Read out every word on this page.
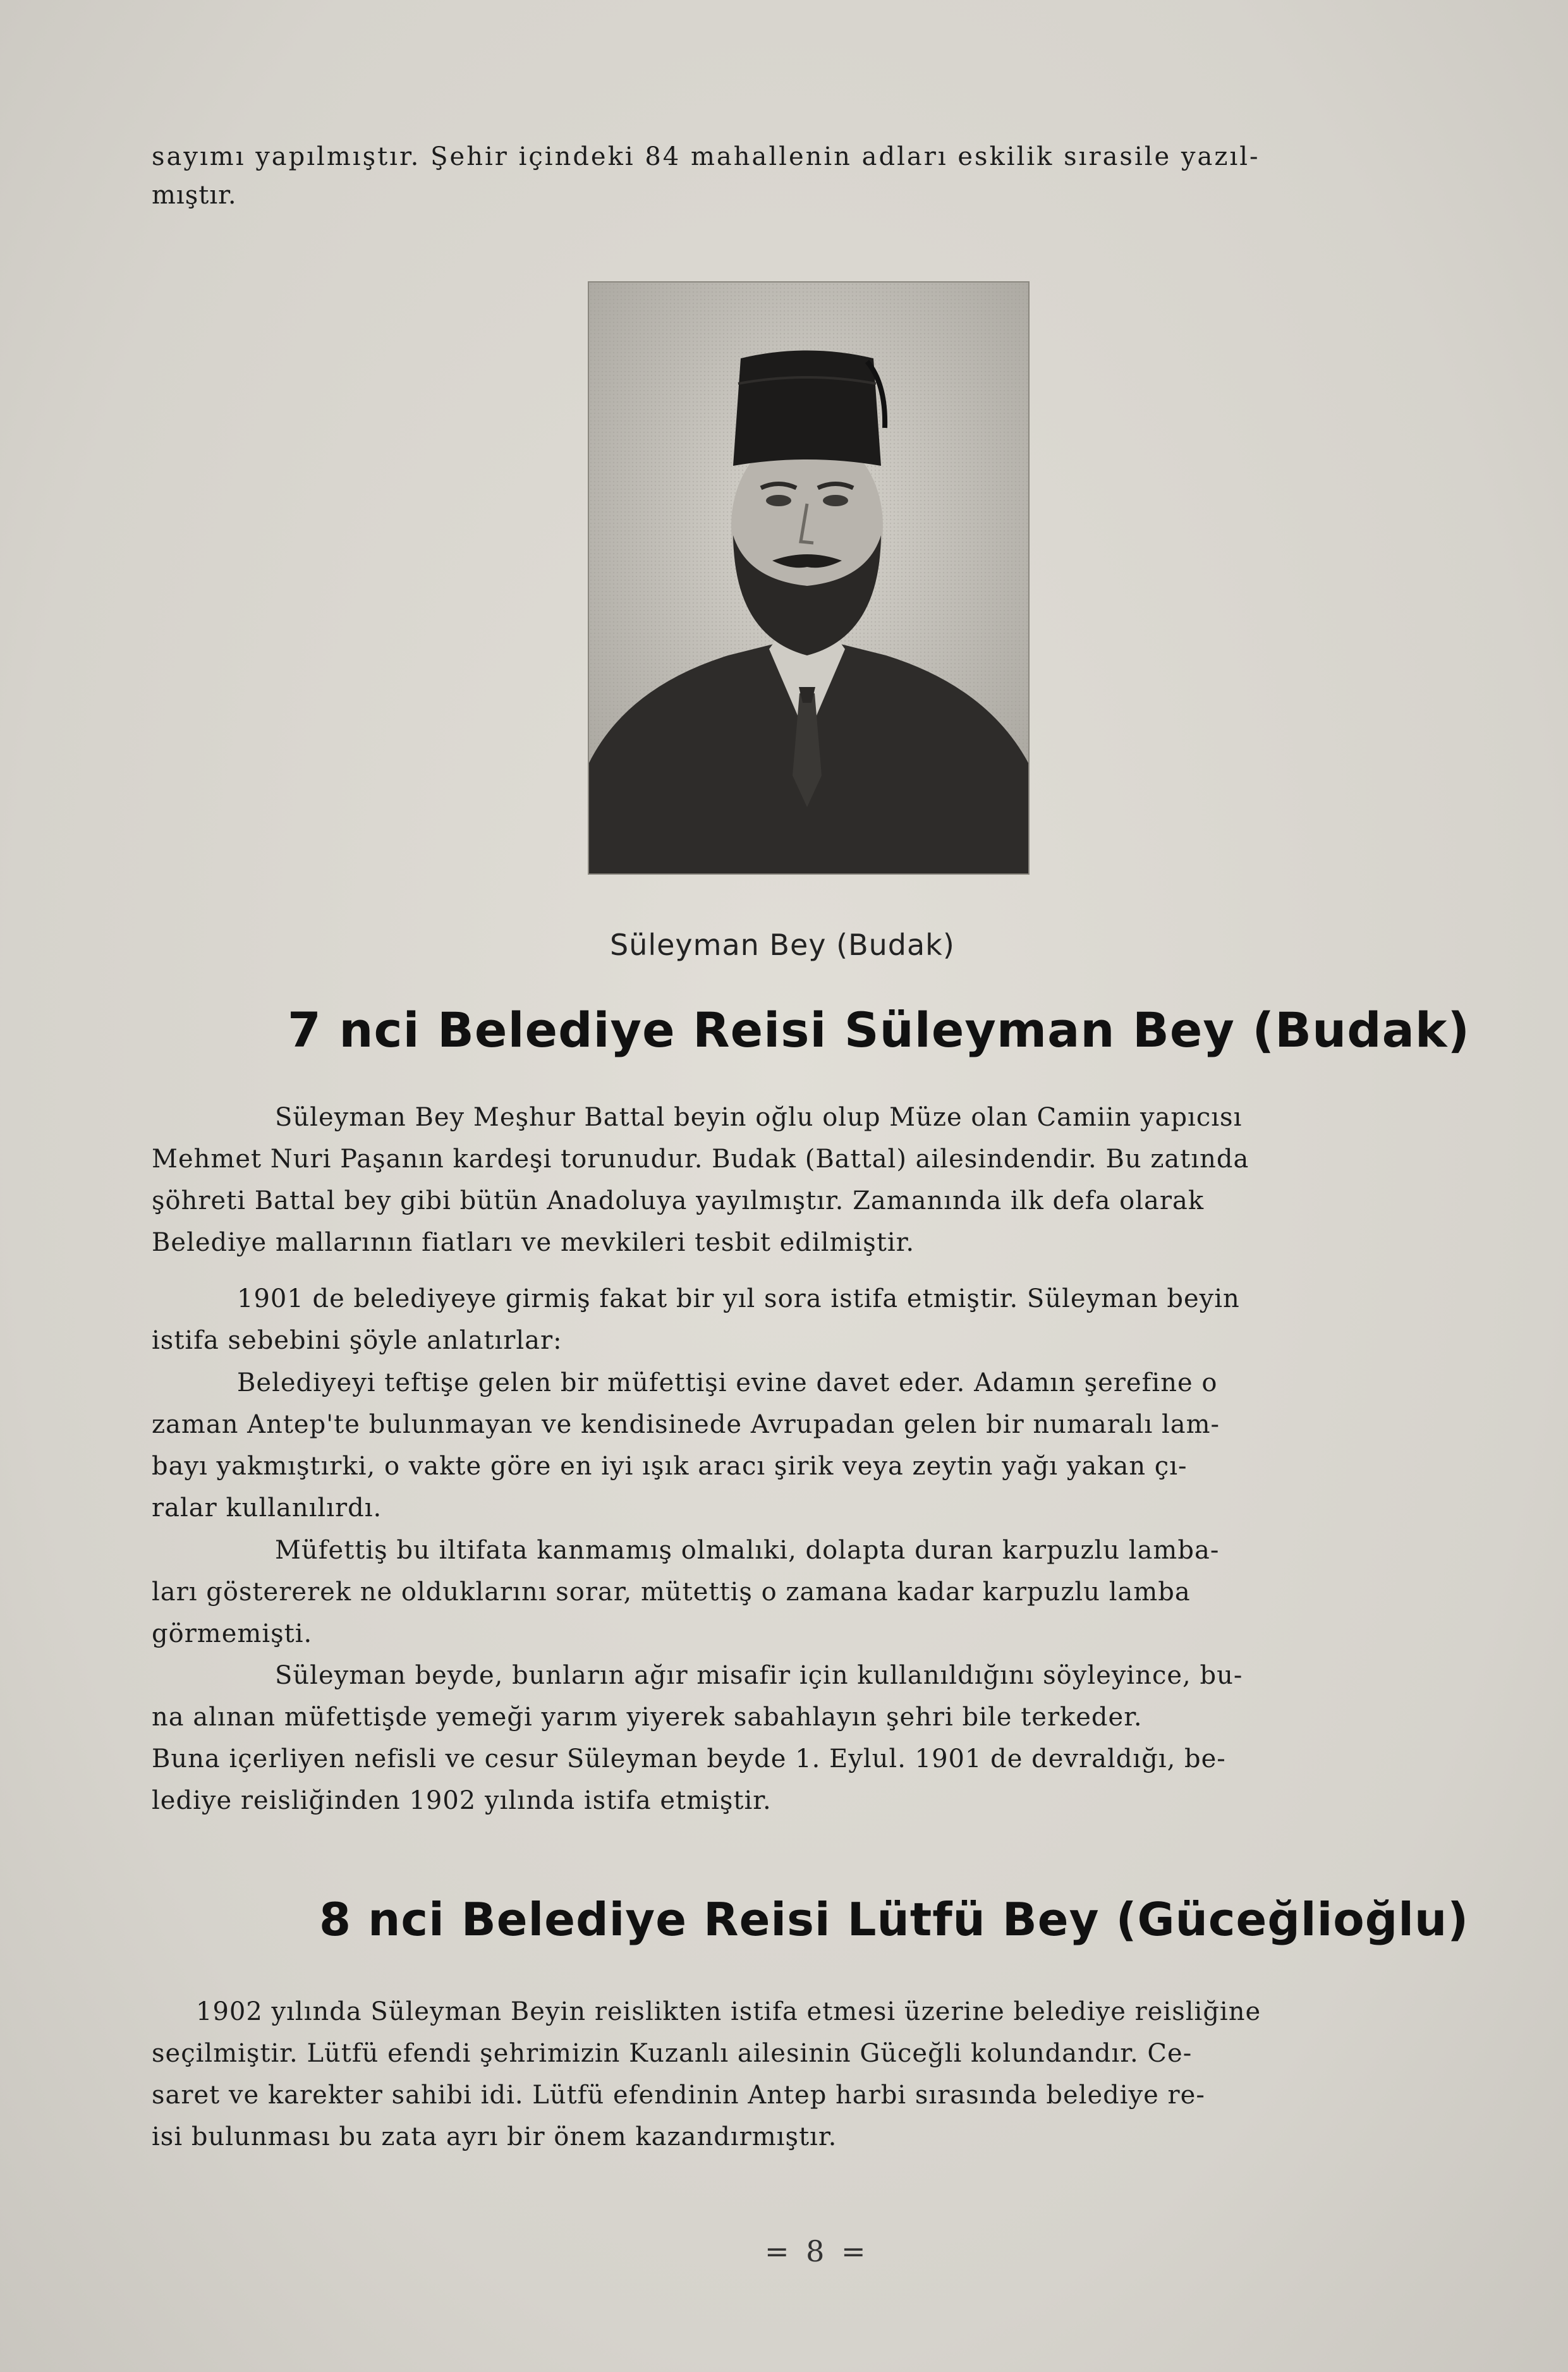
sayımı yapılmıştır. Şehir içindeki 84 mahallenin adları eskilik sırasile yazıl-
mıştır.
Süleyman Bey (Budak)
7 nci Belediye Reisi Süleyman Bey (Budak)
Süleyman Bey Meşhur Battal beyin oğlu olup Müze olan Camiin yapıcısı
Mehmet Nuri Paşanın kardeşi torunudur. Budak (Battal) ailesindendir. Bu zatında
şöhreti Battal bey gibi bütün Anadoluya yayılmıştır. Zamanında ilk defa olarak
Belediye mallarının fiatları ve mevkileri tesbit edilmiştir.
1901 de belediyeye girmiş fakat bir yıl sora istifa etmiştir. Süleyman beyin
istifa sebebini şöyle anlatırlar:
Belediyeyi teftişe gelen bir müfettişi evine davet eder. Adamın şerefine o
zaman Antep'te bulunmayan ve kendisinede Avrupadan gelen bir numaralı lam-
bayı yakmıştırki, o vakte göre en iyi ışık aracı şirik veya zeytin yağı yakan çı-
ralar kullanılırdı.
Müfettiş bu iltifata kanmamış olmalıki, dolapta duran karpuzlu lamba-
ları göstererek ne olduklarını sorar, mütettiş o zamana kadar karpuzlu lamba
görmemişti.
Süleyman beyde, bunların ağır misafir için kullanıldığını söyleyince, bu-
na alınan müfettişde yemeği yarım yiyerek sabahlayın şehri bile terkeder.
Buna içerliyen nefisli ve cesur Süleyman beyde 1. Eylul. 1901 de devraldığı, be-
lediye reisliğinden 1902 yılında istifa etmiştir.
8 nci Belediye Reisi Lütfü Bey (Güceğlioğlu)
1902 yılında Süleyman Beyin reislikten istifa etmesi üzerine belediye reisliğine
seçilmiştir. Lütfü efendi şehrimizin Kuzanlı ailesinin Güceğli kolundandır. Ce-
saret ve karekter sahibi idi. Lütfü efendinin Antep harbi sırasında belediye re-
isi bulunması bu zata ayrı bir önem kazandırmıştır.
= 8 =
